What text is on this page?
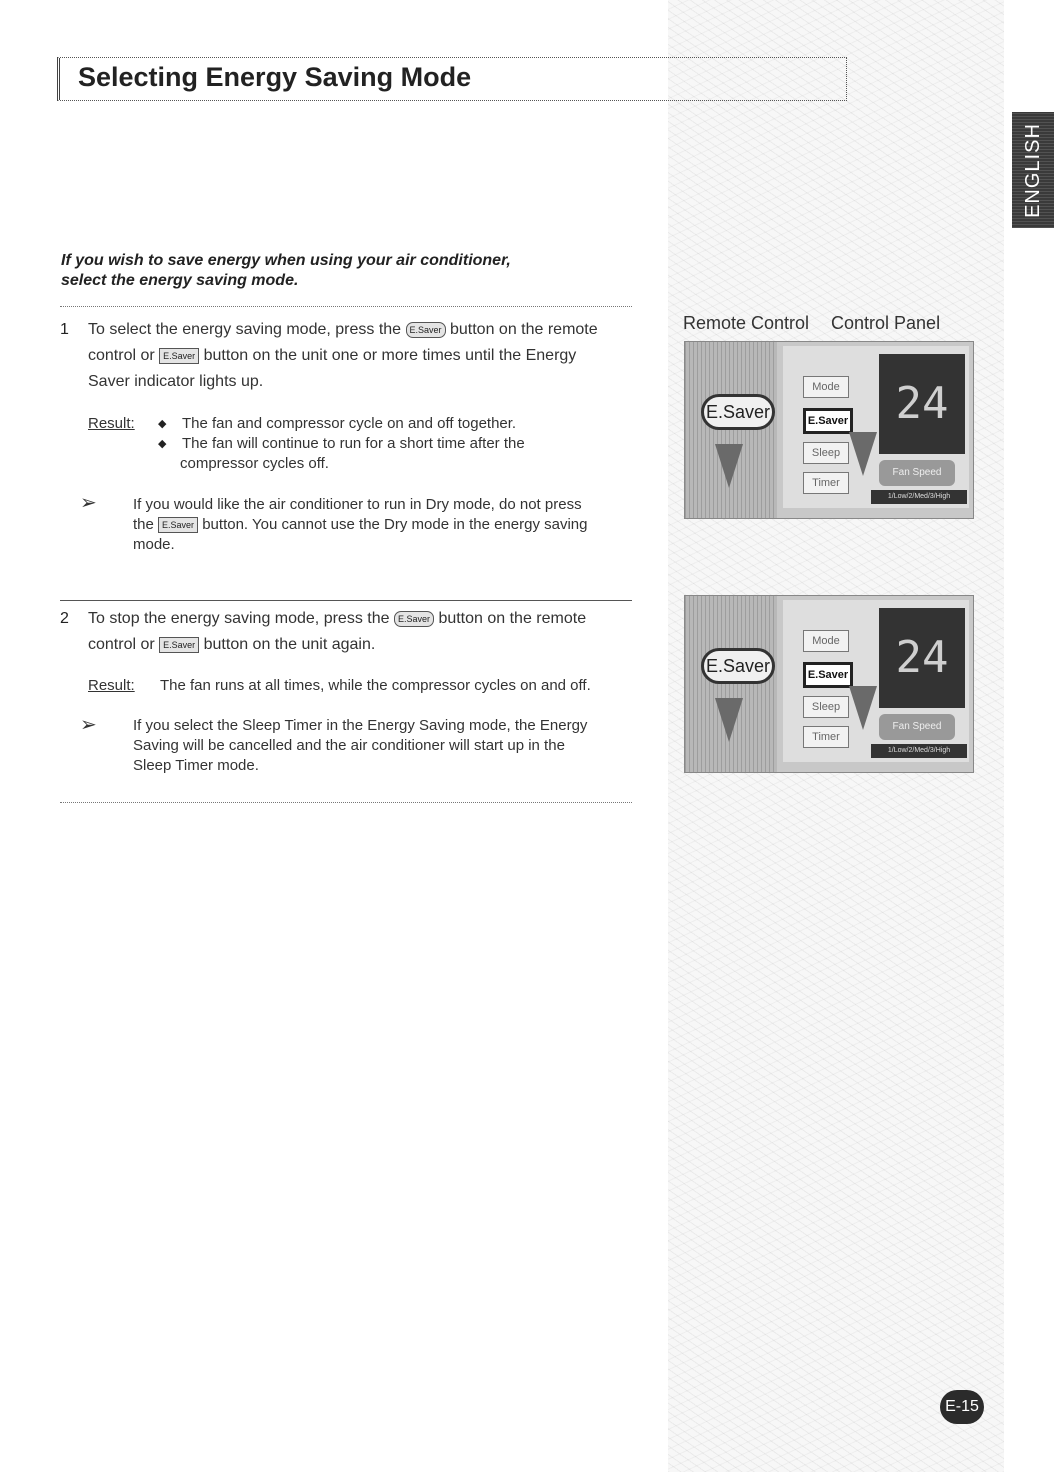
ENGLISH
Selecting Energy Saving Mode
If you wish to save energy when using your air conditioner,
select the energy saving mode.
1 To select the energy saving mode, press the E.Saver button on the remote
control or E.Saver button on the unit one or more times until the Energy
Saver indicator lights up.
Result: ◆ The fan and compressor cycle on and off together.
◆ The fan will continue to run for a short time after the
compressor cycles off.
➢ If you would like the air conditioner to run in Dry mode, do not press
the E.Saver button. You cannot use the Dry mode in the energy saving
mode.
2 To stop the energy saving mode, press the E.Saver button on the remote
control or E.Saver button on the unit again.
Result: The fan runs at all times, while the compressor cycles on and off.
➢ If you select the Sleep Timer in the Energy Saving mode, the Energy
Saving will be cancelled and the air conditioner will start up in the
Sleep Timer mode.
Remote Control Control Panel
E.Saver
Mode
E.Saver
Sleep
Timer
24
Fan Speed
1/Low/2/Med/3/High
E.Saver
Mode
E.Saver
Sleep
Timer
24
Fan Speed
1/Low/2/Med/3/High
E-15
